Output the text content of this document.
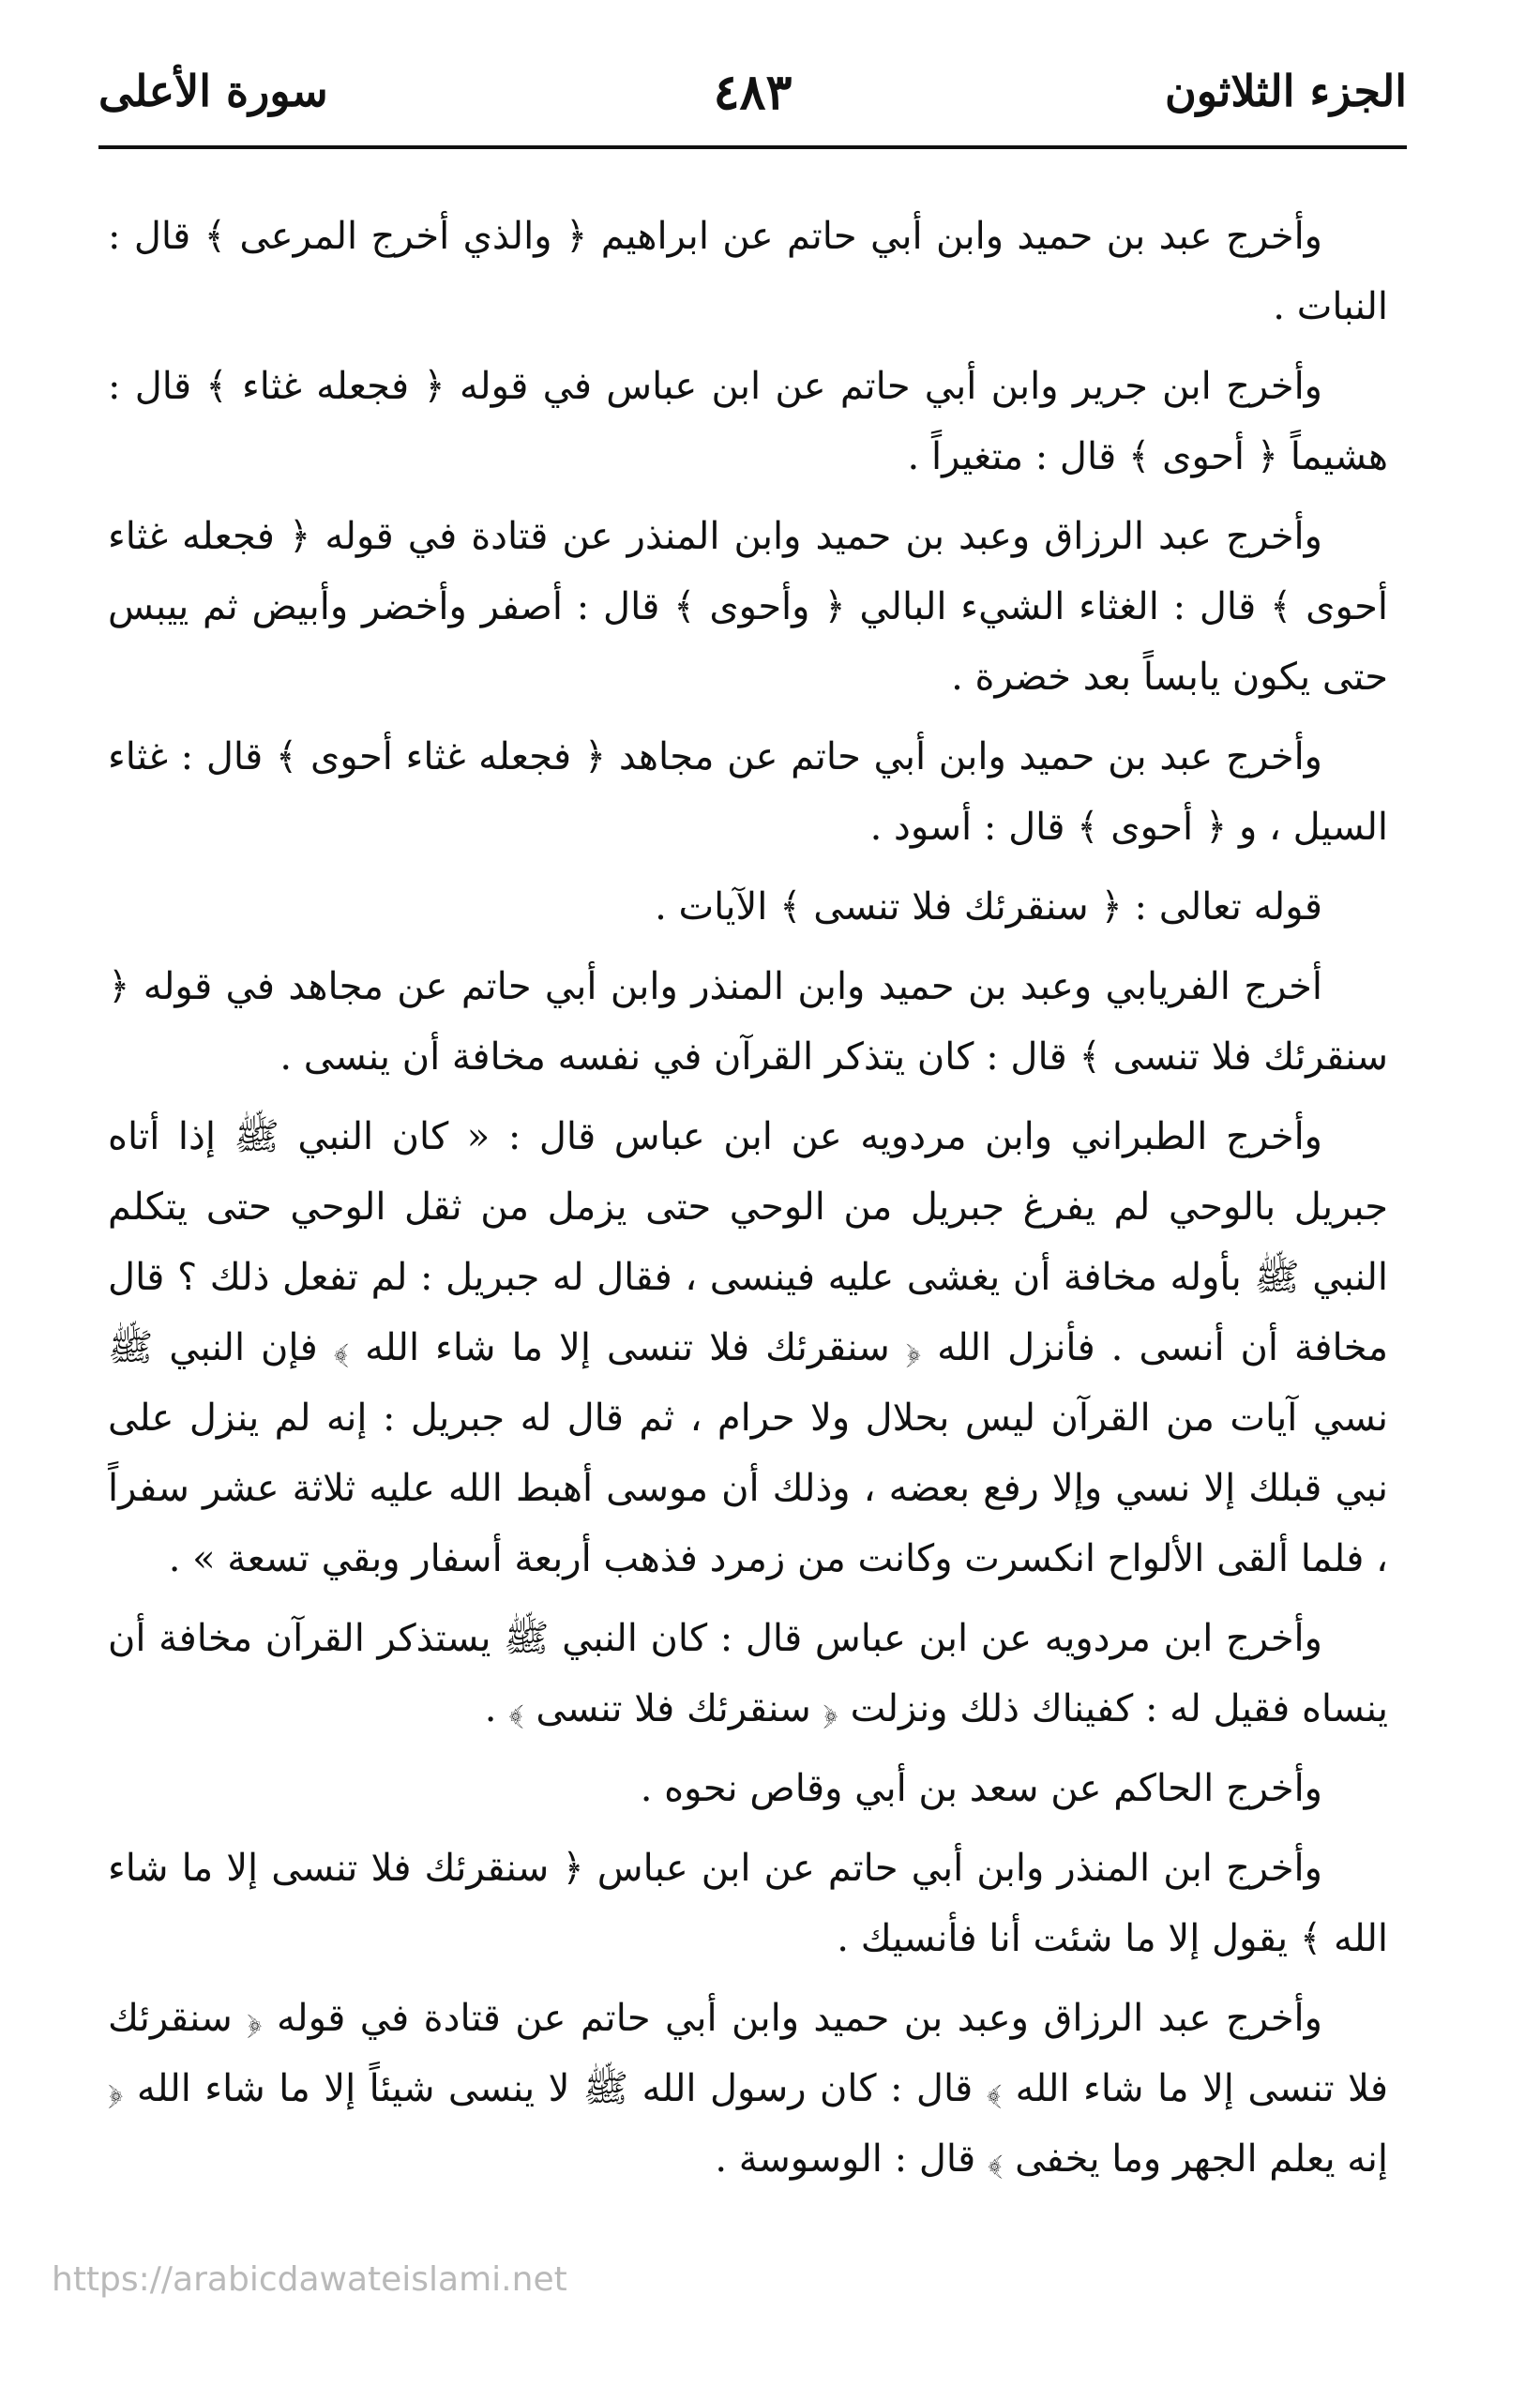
الجزء الثلاثون
٤٨٣
سورة الأعلى

وأخرج عبد بن حميد وابن أبي حاتم عن ابراهيم ﴿ والذي أخرج المرعى ﴾ قال : النبات .

وأخرج ابن جرير وابن أبي حاتم عن ابن عباس في قوله ﴿ فجعله غثاء ﴾ قال : هشيماً ﴿ أحوى ﴾ قال : متغيراً .

وأخرج عبد الرزاق وعبد بن حميد وابن المنذر عن قتادة في قوله ﴿ فجعله غثاء أحوى ﴾ قال : الغثاء الشيء البالي ﴿ وأحوى ﴾ قال : أصفر وأخضر وأبيض ثم ييبس حتى يكون يابساً بعد خضرة .

وأخرج عبد بن حميد وابن أبي حاتم عن مجاهد ﴿ فجعله غثاء أحوى ﴾ قال : غثاء السيل ، و ﴿ أحوى ﴾ قال : أسود .

قوله تعالى : ﴿ سنقرئك فلا تنسى ﴾ الآيات .

أخرج الفريابي وعبد بن حميد وابن المنذر وابن أبي حاتم عن مجاهد في قوله ﴿ سنقرئك فلا تنسى ﴾ قال : كان يتذكر القرآن في نفسه مخافة أن ينسى .

وأخرج الطبراني وابن مردويه عن ابن عباس قال : « كان النبي ﷺ إذا أتاه جبريل بالوحي لم يفرغ جبريل من الوحي حتى يزمل من ثقل الوحي حتى يتكلم النبي ﷺ بأوله مخافة أن يغشى عليه فينسى ، فقال له جبريل : لم تفعل ذلك ؟ قال مخافة أن أنسى . فأنزل الله ﴿ سنقرئك فلا تنسى إلا ما شاء الله ﴾ فإن النبي ﷺ نسي آيات من القرآن ليس بحلال ولا حرام ، ثم قال له جبريل : إنه لم ينزل على نبي قبلك إلا نسي وإلا رفع بعضه ، وذلك أن موسى أهبط الله عليه ثلاثة عشر سفراً ، فلما ألقى الألواح انكسرت وكانت من زمرد فذهب أربعة أسفار وبقي تسعة » .

وأخرج ابن مردويه عن ابن عباس قال : كان النبي ﷺ يستذكر القرآن مخافة أن ينساه فقيل له : كفيناك ذلك ونزلت ﴿ سنقرئك فلا تنسى ﴾ .

وأخرج الحاكم عن سعد بن أبي وقاص نحوه .

وأخرج ابن المنذر وابن أبي حاتم عن ابن عباس ﴿ سنقرئك فلا تنسى إلا ما شاء الله ﴾ يقول إلا ما شئت أنا فأنسيك .

وأخرج عبد الرزاق وعبد بن حميد وابن أبي حاتم عن قتادة في قوله ﴿ سنقرئك فلا تنسى إلا ما شاء الله ﴾ قال : كان رسول الله ﷺ لا ينسى شيئاً إلا ما شاء الله ﴿ إنه يعلم الجهر وما يخفى ﴾ قال : الوسوسة .

https://arabicdawateislami.net
